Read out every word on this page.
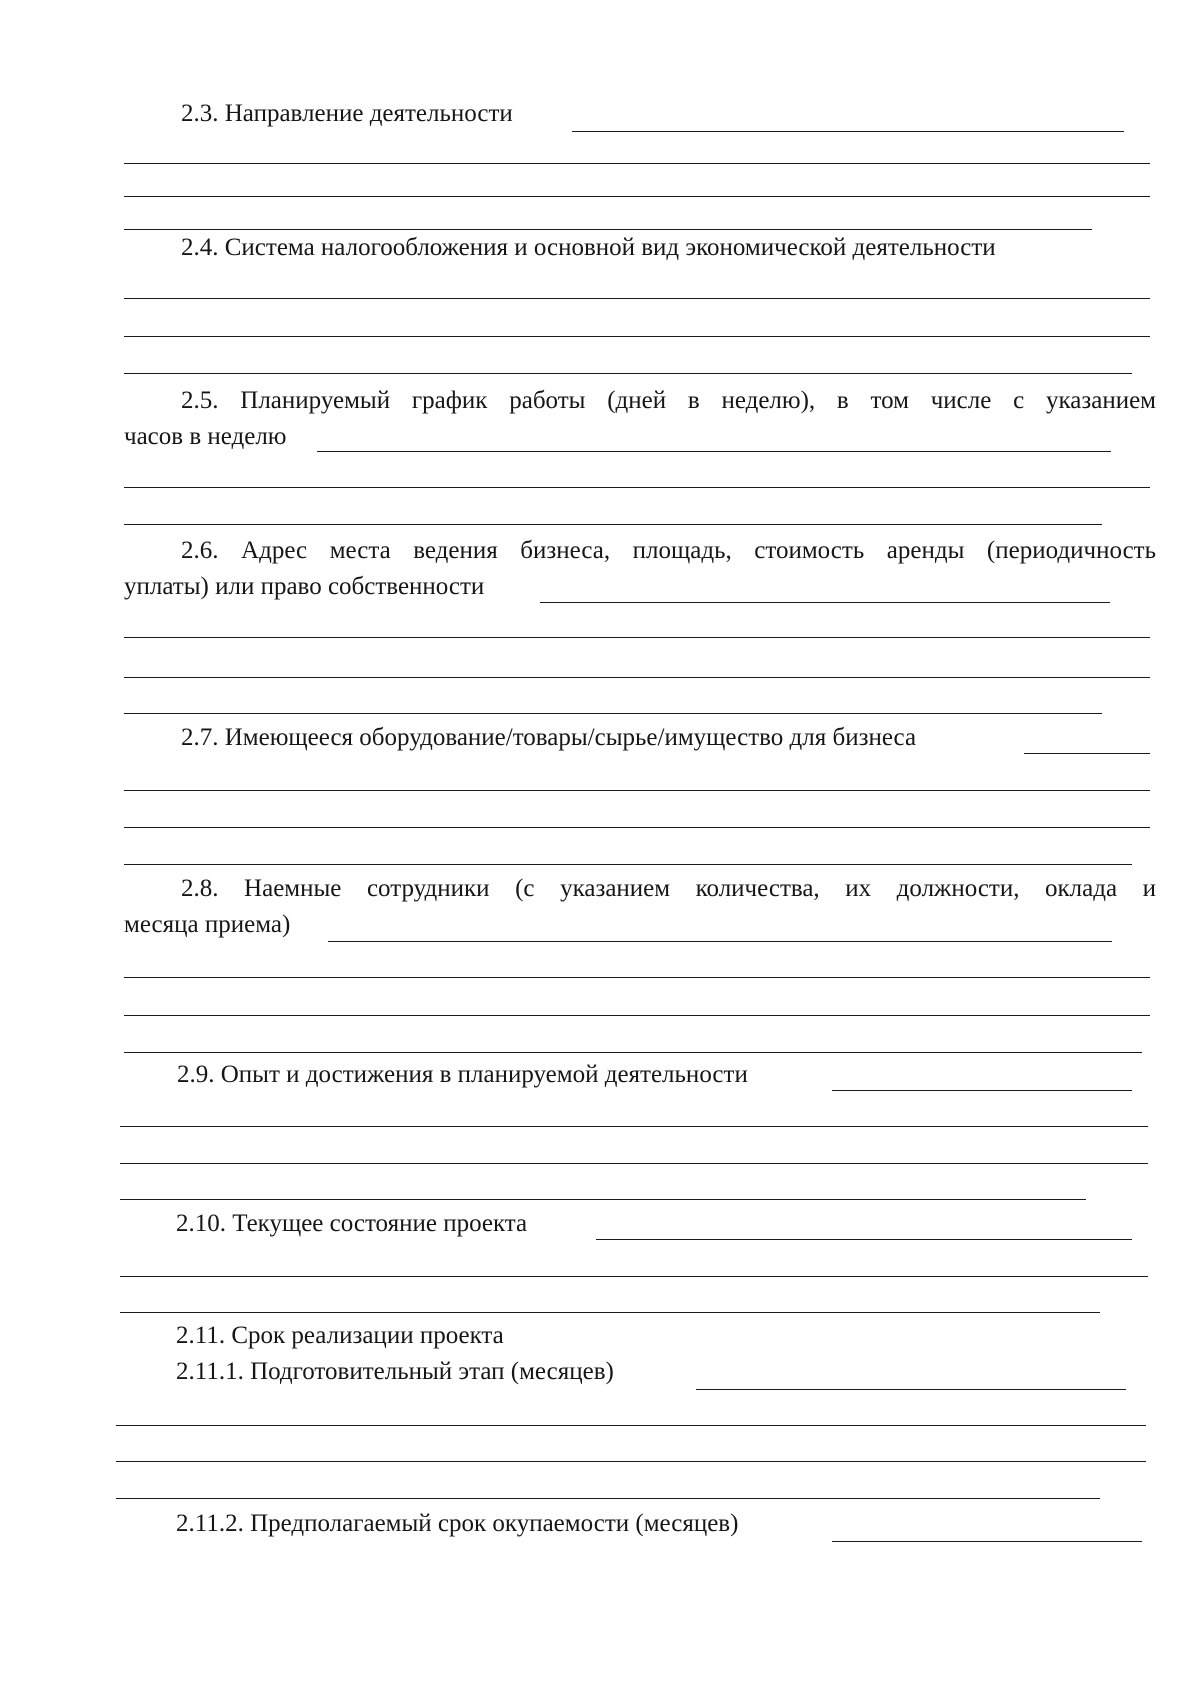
2.3. Направление деятельности
2.4. Система налогообложения и основной вид экономической деятельности
2.5. Планируемый график работы (дней в неделю), в том числе с указанием
часов в неделю
2.6. Адрес места ведения бизнеса, площадь, стоимость аренды (периодичность
уплаты) или право собственности
2.7. Имеющееся оборудование/товары/сырье/имущество для бизнеса
2.8. Наемные сотрудники (с указанием количества, их должности, оклада и
месяца приема)
2.9. Опыт и достижения в планируемой деятельности
2.10. Текущее состояние проекта
2.11. Срок реализации проекта
2.11.1. Подготовительный этап (месяцев)
2.11.2. Предполагаемый срок окупаемости (месяцев)
